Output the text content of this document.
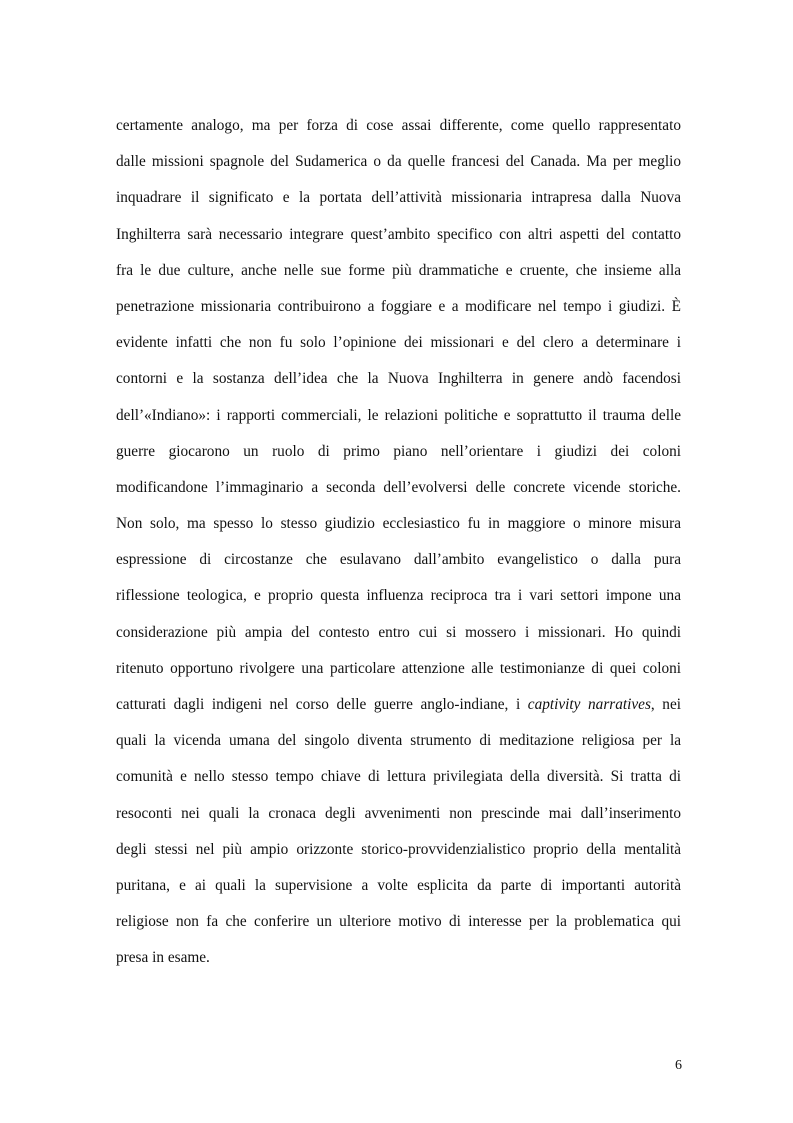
certamente analogo, ma per forza di cose assai differente, come quello rappresentato
dalle missioni spagnole del Sudamerica o da quelle francesi del Canada. Ma per meglio
inquadrare il significato e la portata dell’attività missionaria intrapresa dalla Nuova
Inghilterra sarà necessario integrare quest’ambito specifico con altri aspetti del contatto
fra le due culture, anche nelle sue forme più drammatiche e cruente, che insieme alla
penetrazione missionaria contribuirono a foggiare e a modificare nel tempo i giudizi. È
evidente infatti che non fu solo l’opinione dei missionari e del clero a determinare i
contorni e la sostanza dell’idea che la Nuova Inghilterra in genere andò facendosi
dell’«Indiano»: i rapporti commerciali, le relazioni politiche e soprattutto il trauma delle
guerre giocarono un ruolo di primo piano nell’orientare i giudizi dei coloni
modificandone l’immaginario a seconda dell’evolversi delle concrete vicende storiche.
Non solo, ma spesso lo stesso giudizio ecclesiastico fu in maggiore o minore misura
espressione di circostanze che esulavano dall’ambito evangelistico o dalla pura
riflessione teologica, e proprio questa influenza reciproca tra i vari settori impone una
considerazione più ampia del contesto entro cui si mossero i missionari. Ho quindi
ritenuto opportuno rivolgere una particolare attenzione alle testimonianze di quei coloni
catturati dagli indigeni nel corso delle guerre anglo-indiane, i captivity narratives, nei
quali la vicenda umana del singolo diventa strumento di meditazione religiosa per la
comunità e nello stesso tempo chiave di lettura privilegiata della diversità. Si tratta di
resoconti nei quali la cronaca degli avvenimenti non prescinde mai dall’inserimento
degli stessi nel più ampio orizzonte storico-provvidenzialistico proprio della mentalità
puritana, e ai quali la supervisione a volte esplicita da parte di importanti autorità
religiose non fa che conferire un ulteriore motivo di interesse per la problematica qui
presa in esame.
6
